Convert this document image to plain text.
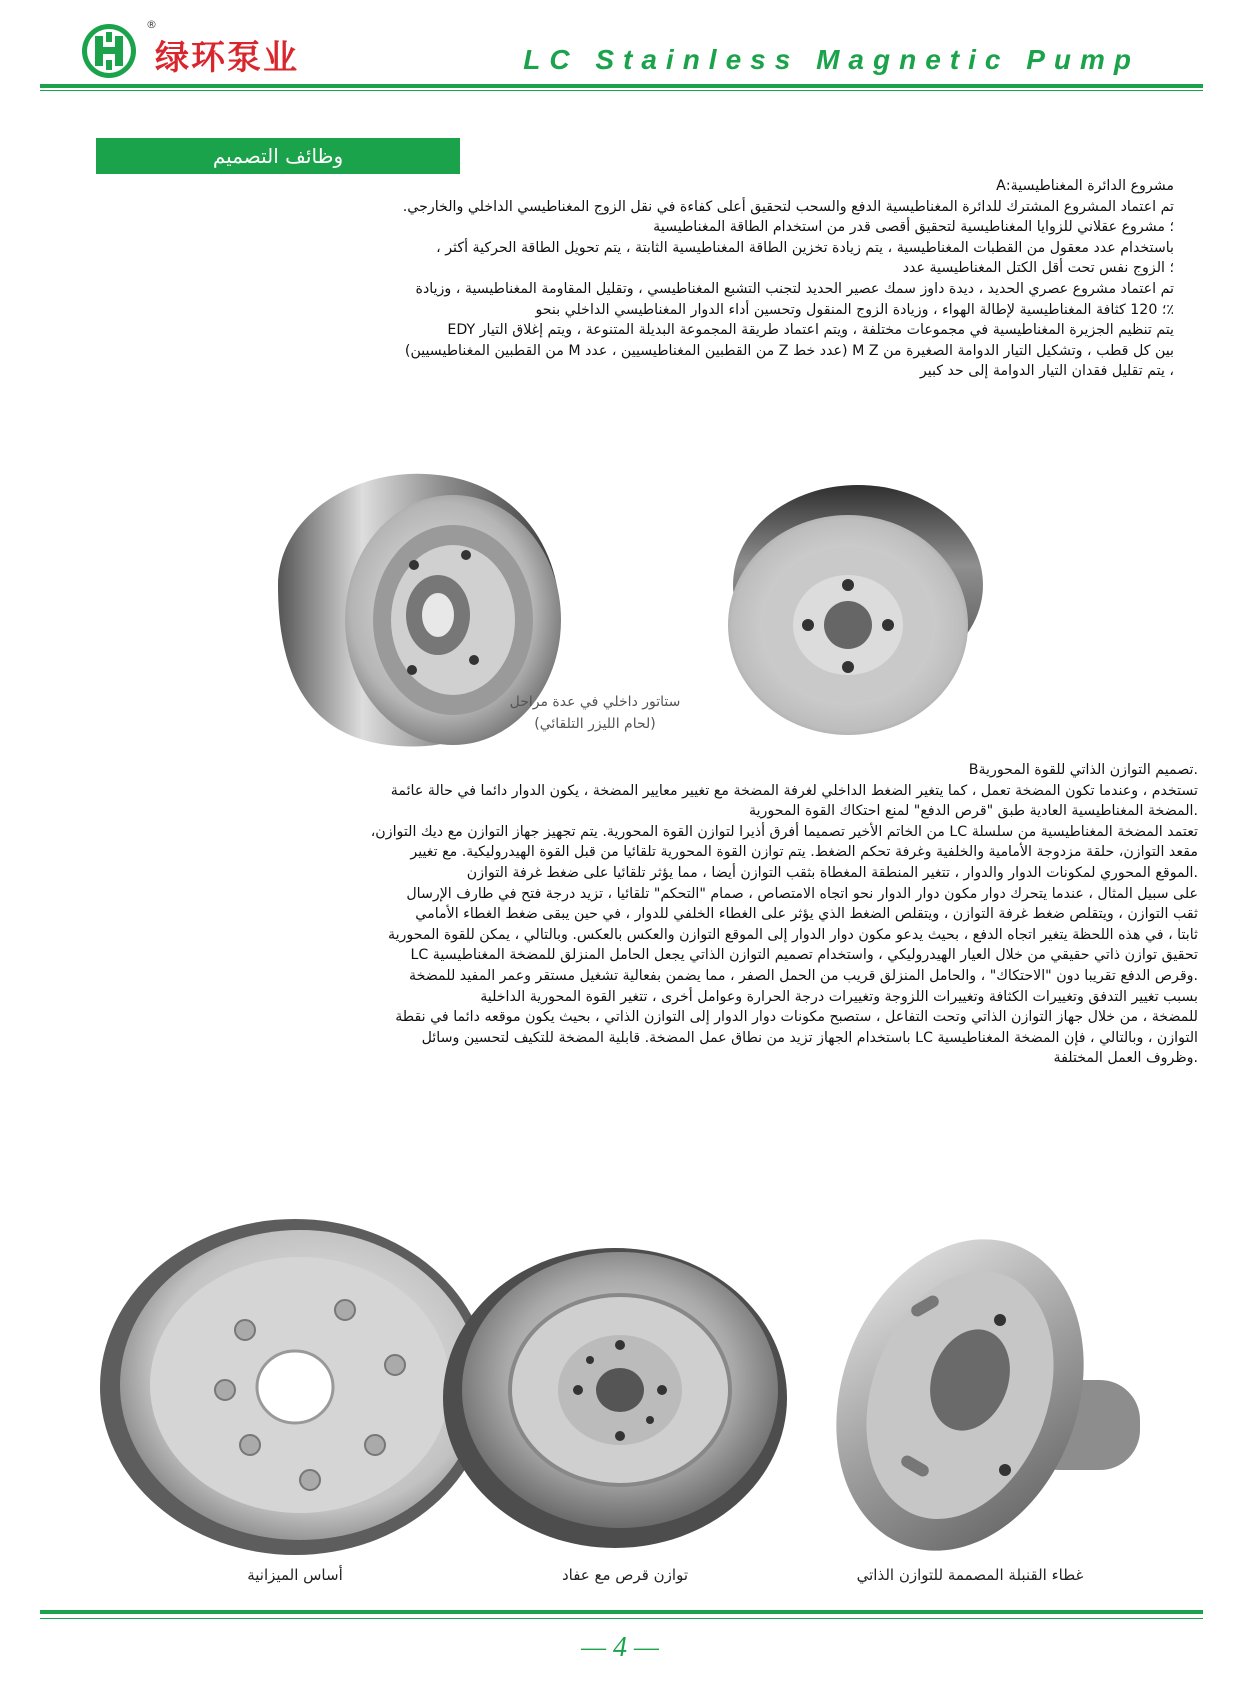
®
绿环泵业	LC Stainless Magnetic Pump
وظائف التصميم
مشروع الدائرة المغناطيسية:A
تم اعتماد المشروع المشترك للدائرة المغناطيسية الدفع والسحب لتحقيق أعلى كفاءة في نقل الزوج المغناطيسي الداخلي والخارجي.
؛ مشروع عقلاني للزوايا المغناطيسية لتحقيق أقصى قدر من استخدام الطاقة المغناطيسية
باستخدام عدد معقول من القطبات المغناطيسية ، يتم زيادة تخزين الطاقة المغناطيسية الثابتة ، يتم تحويل الطاقة الحركية أكثر ،
؛ الزوج نفس تحت أقل الكتل المغناطيسية عدد
تم اعتماد مشروع عصري الحديد ، ديدة داوز سمك عصير الحديد لتجنب التشبع المغناطيسي ، وتقليل المقاومة المغناطيسية ، وزيادة
٪؛ 120 كثافة المغناطيسية لإطالة الهواء ، وزيادة الزوج المنقول وتحسين أداء الدوار المغناطيسي الداخلي بنحو
يتم تنظيم الجزيرة المغناطيسية في مجموعات مختلفة ، ويتم اعتماد طريقة المجموعة البديلة المتنوعة ، ويتم إغلاق التيار EDY
بين كل قطب ، وتشكيل التيار الدوامة الصغيرة من M Z (عدد خط Z من القطبين المغناطيسيين ، عدد M من القطبين المغناطيسيين)
، يتم تقليل فقدان التيار الدوامة إلى حد كبير
ستاتور داخلي في عدة مراحل
(لحام الليزر التلقائي)
.تصميم التوازن الذاتي للقوة المحوريةB
تستخدم ، وعندما تكون المضخة تعمل ، كما يتغير الضغط الداخلي لغرفة المضخة مع تغيير معايير المضخة ، يكون الدوار دائما في حالة عائمة
.المضخة المغناطيسية العادية طبق "قرص الدفع" لمنع احتكاك القوة المحورية
تعتمد المضخة المغناطيسية من سلسلة LC من الخاتم الأخير تصميما أفرق أذيرا لتوازن القوة المحورية. يتم تجهيز جهاز التوازن مع ديك التوازن،
مقعد التوازن، حلقة مزدوجة الأمامية والخلفية وغرفة تحكم الضغط. يتم توازن القوة المحورية تلقائيا من قبل القوة الهيدروليكية. مع تغيير
.الموقع المحوري لمكونات الدوار والدوار ، تتغير المنطقة المغطاة بثقب التوازن أيضا ، مما يؤثر تلقائيا على ضغط غرفة التوازن
على سبيل المثال ، عندما يتحرك دوار مكون دوار الدوار نحو اتجاه الامتصاص ، صمام "التحكم" تلقائيا ، تزيد درجة فتح في طارف الإرسال
ثقب التوازن ، ويتقلص ضغط غرفة التوازن ، ويتقلص الضغط الذي يؤثر على الغطاء الخلفي للدوار ، في حين يبقى ضغط الغطاء الأمامي
ثابتا ، في هذه اللحظة يتغير اتجاه الدفع ، بحيث يدعو مكون دوار الدوار إلى الموقع التوازن والعكس بالعكس. وبالتالي ، يمكن للقوة المحورية
تحقيق توازن ذاتي حقيقي من خلال العيار الهيدروليكي ، واستخدام تصميم التوازن الذاتي يجعل الحامل المنزلق للمضخة المغناطيسية LC
.وقرص الدفع تقريبا دون "الاحتكاك" ، والحامل المنزلق قريب من الحمل الصفر ، مما يضمن بفعالية تشغيل مستقر وعمر المفيد للمضخة
بسبب تغيير التدفق وتغييرات الكثافة وتغييرات اللزوجة وتغييرات درجة الحرارة وعوامل أخرى ، تتغير القوة المحورية الداخلية
للمضخة ، من خلال جهاز التوازن الذاتي وتحت التفاعل ، ستصبح مكونات دوار الدوار إلى التوازن الذاتي ، بحيث يكون موقعه دائما في نقطة
التوازن ، وبالتالي ، فإن المضخة المغناطيسية LC باستخدام الجهاز تزيد من نطاق عمل المضخة. قابلية المضخة للتكيف لتحسين وسائل
.وظروف العمل المختلفة
أساس الميزانية	توازن قرص مع عفاد	غطاء القنبلة المصممة للتوازن الذاتي
— 4 —
